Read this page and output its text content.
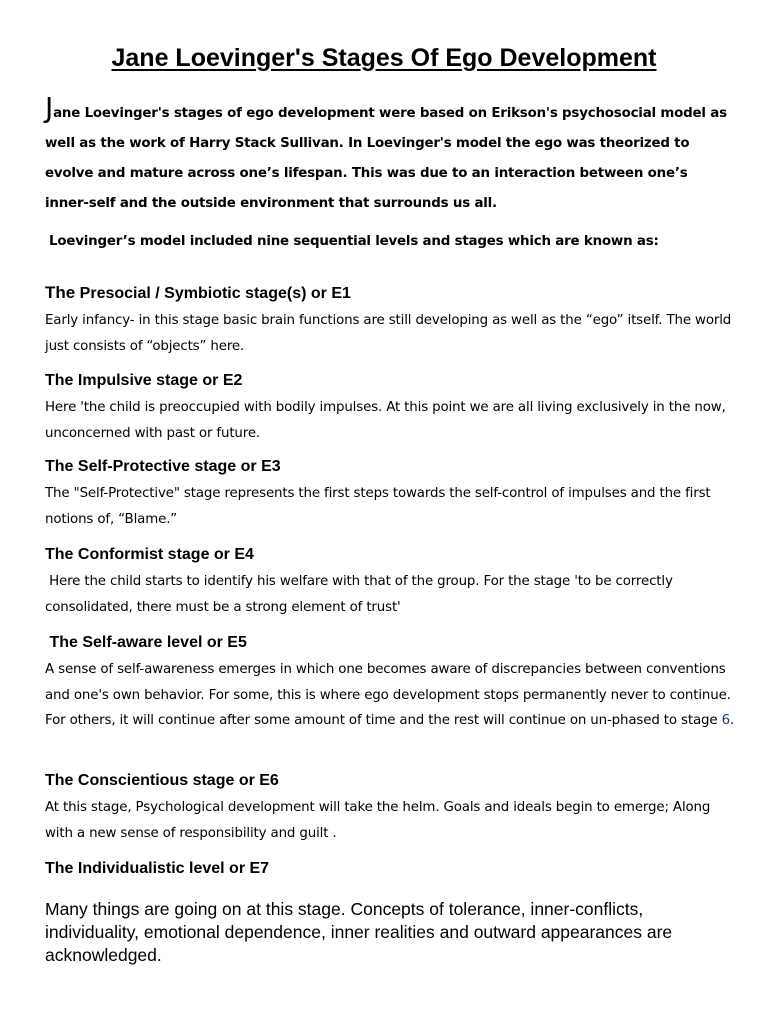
Jane Loevinger's Stages Of Ego Development
Jane Loevinger's stages of ego development were based on Erikson's psychosocial model as well as the work of Harry Stack Sullivan. In Loevinger's model the ego was theorized to evolve and mature across one’s lifespan. This was due to an interaction between one’s inner-self and the outside environment that surrounds us all.
Loevinger’s model included nine sequential levels and stages which are known as:
The Presocial / Symbiotic stage(s) or E1
Early infancy- in this stage basic brain functions are still developing as well as the “ego” itself. The world just consists of “objects” here.
The Impulsive stage or E2
Here 'the child is preoccupied with bodily impulses. At this point we are all living exclusively in the now, unconcerned with past or future.
The Self-Protective stage or E3
The "Self-Protective" stage represents the first steps towards the self-control of impulses and the first notions of, “Blame.”
The Conformist stage or E4
Here the child starts to identify his welfare with that of the group. For the stage 'to be correctly consolidated, there must be a strong element of trust'
The Self-aware level or E5
A sense of self-awareness emerges in which one becomes aware of discrepancies between conventions and one's own behavior. For some, this is where ego development stops permanently never to continue. For others, it will continue after some amount of time and the rest will continue on un-phased to stage 6.
The Conscientious stage or E6
At this stage, Psychological development will take the helm. Goals and ideals begin to emerge; Along with a new sense of responsibility and guilt .
The Individualistic level or E7
Many things are going on at this stage. Concepts of tolerance, inner-conflicts, individuality, emotional dependence, inner realities and outward appearances are acknowledged.
